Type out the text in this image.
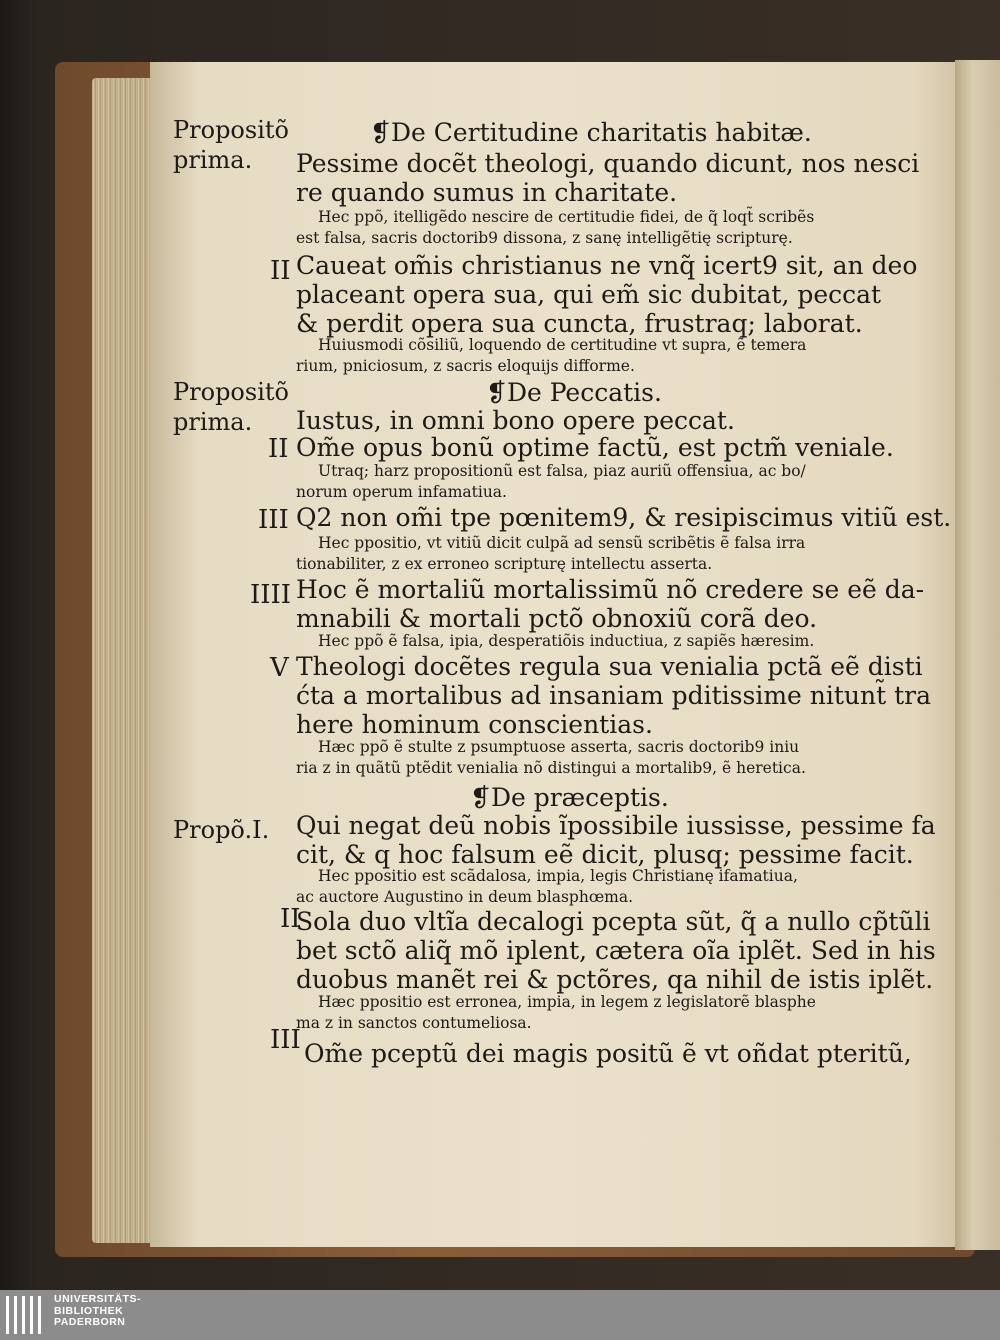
Propositõ
prima.
Propositõ
prima.
Propõ.I.
❡De Certitudine charitatis habitæ.
Pessime docẽt theologi, quando dicunt, nos nesci
re quando sumus in charitate.
Hec ppõ, itelligẽdo nescire de certitudie fidei, de q̃ loqt̃ scribẽs
est falsa, sacris doctorib9 dissona, z sanę intelligẽtię scripturę.
II Caueat om̃is christianus ne vnq̃ icert9 sit, an deo
placeant opera sua, qui em̃ sic dubitat, peccat
& perdit opera sua cuncta, frustraq; laborat.
Huiusmodi cõsiliũ, loquendo de certitudine vt supra, ẽ temera
rium, pniciosum, z sacris eloquijs difforme.
❡De Peccatis.
Iustus, in omni bono opere peccat.
II Om̃e opus bonũ optime factũ, est pctm̃ veniale.
Utraq; harz propositionũ est falsa, piaz auriũ offensiua, ac bo/
norum operum infamatiua.
III Q2 non om̃i tpe pœnitem9, & resipiscimus vitiũ est.
Hec ppositio, vt vitiũ dicit culpã ad sensũ scribẽtis ẽ falsa irra
tionabiliter, z ex erroneo scripturę intellectu asserta.
IIII Hoc ẽ mortaliũ mortalissimũ nõ credere se eẽ da-
mnabili & mortali pctõ obnoxiũ corã deo.
Hec ppõ ẽ falsa, ipia, desperatiõis inductiua, z sapiẽs hæresim.
V Theologi docẽtes regula sua venialia pctã eẽ disti
ćta a mortalibus ad insaniam pditissime nitunt̃ tra
here hominum conscientias.
Hæc ppõ ẽ stulte z psumptuose asserta, sacris doctorib9 iniu
ria z in quãtũ ptẽdit venialia nõ distingui a mortalib9, ẽ heretica.
❡De præceptis.
Qui negat deũ nobis ĩpossibile iussisse, pessime fa
cit, & q hoc falsum eẽ dicit, plusq; pessime facit.
Hec ppositio est scãdalosa, impia, legis Christianę ifamatiua,
ac auctore Augustino in deum blasphœma.
II
Sola duo vltĩa decalogi pcepta sũt, q̃ a nullo cp̃tũli
bet sctõ aliq̃ mõ iplent, cætera oĩa iplẽt. Sed in his
duobus manẽt rei & pctõres, qa nihil de istis iplẽt.
Hæc ppositio est erronea, impia, in legem z legislatorẽ blasphe
ma z in sanctos contumeliosa.
III Om̃e pceptũ dei magis positũ ẽ vt oñdat pteritũ,
UNIVERSITÄTS-
BIBLIOTHEK
PADERBORN
